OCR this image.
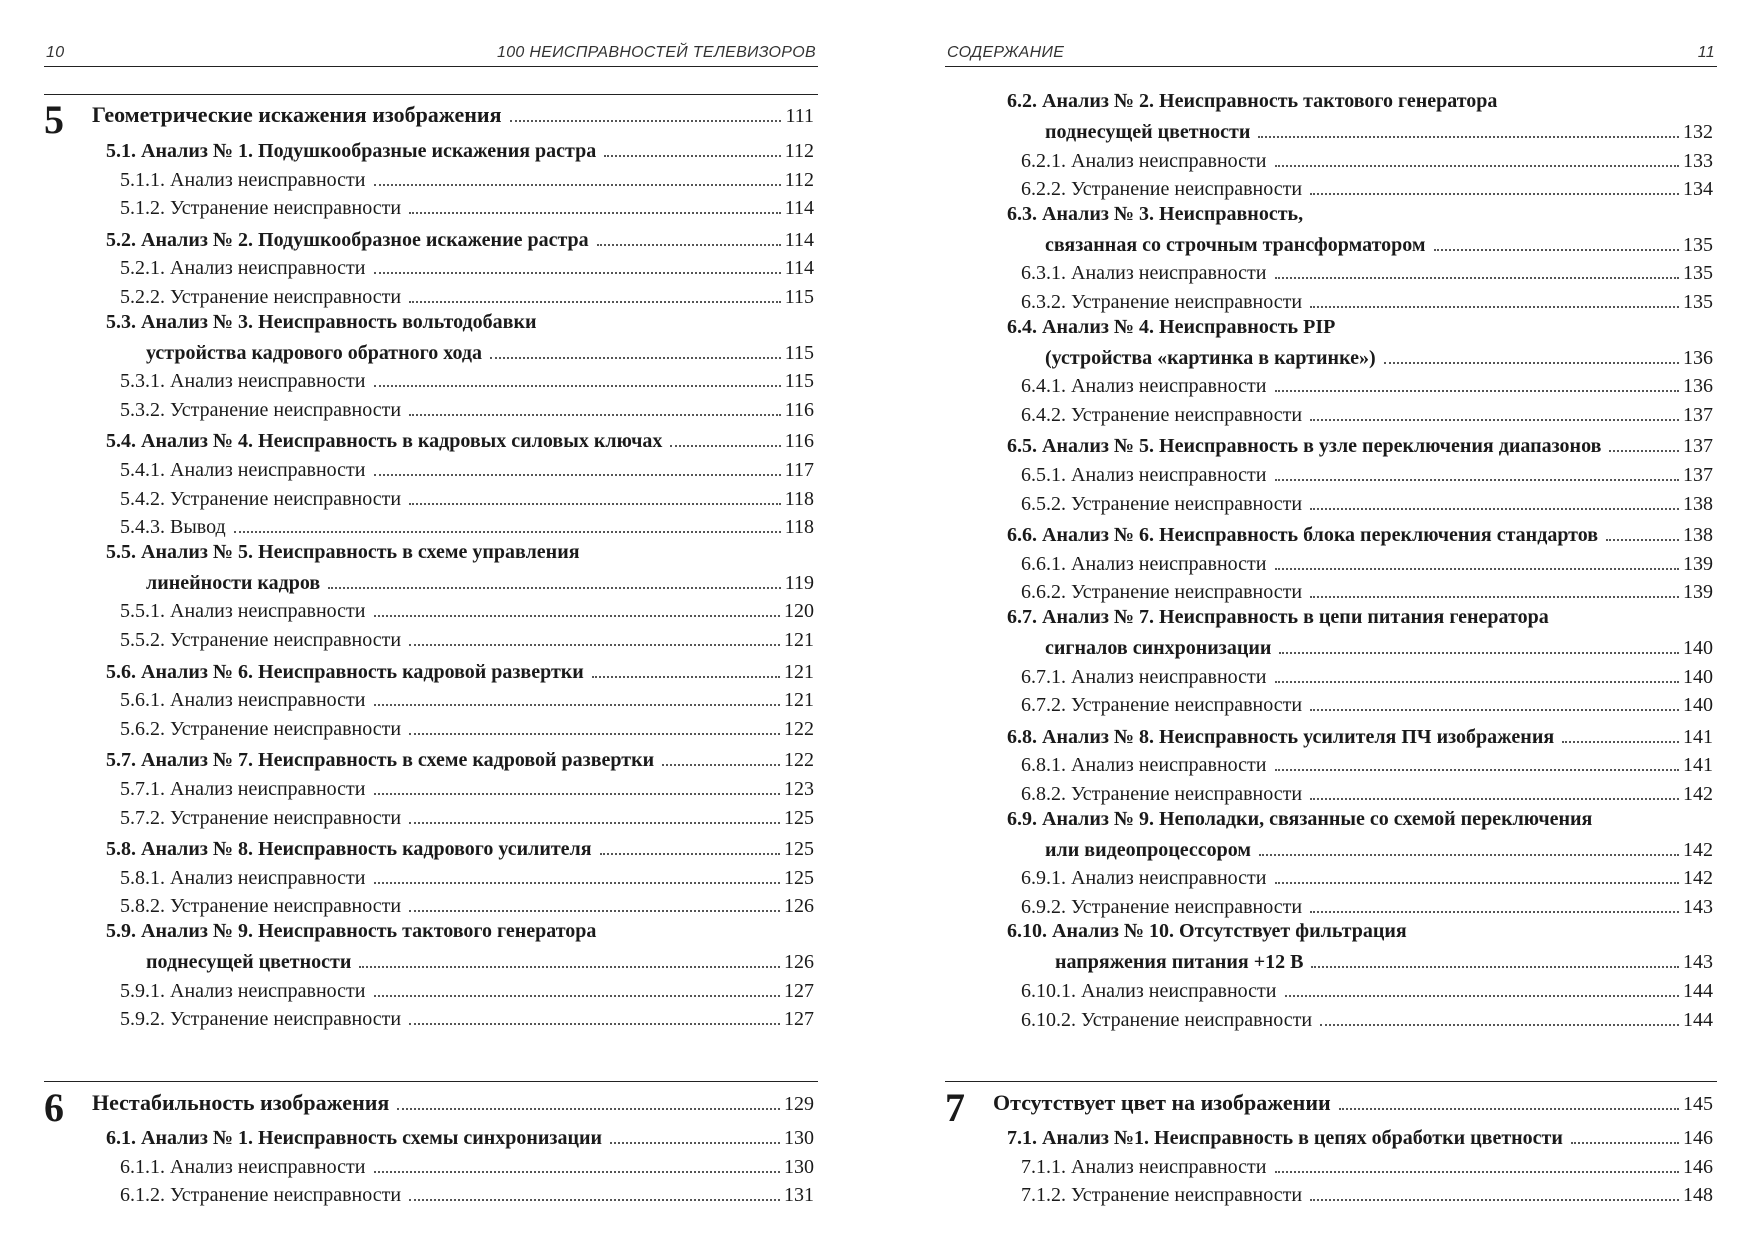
10	100 НЕИСПРАВНОСТЕЙ ТЕЛЕВИЗОРОВ
5 Геометрические искажения изображения	111
5.1. Анализ № 1. Подушкообразные искажения растра	112
5.1.1. Анализ неисправности	112
5.1.2. Устранение неисправности	114
5.2. Анализ № 2. Подушкообразное искажение растра	114
5.2.1. Анализ неисправности	114
5.2.2. Устранение неисправности	115
5.3. Анализ № 3. Неисправность вольтодобавки
устройства кадрового обратного хода	115
5.3.1. Анализ неисправности	115
5.3.2. Устранение неисправности	116
5.4. Анализ № 4. Неисправность в кадровых силовых ключах	116
5.4.1. Анализ неисправности	117
5.4.2. Устранение неисправности	118
5.4.3. Вывод	118
5.5. Анализ № 5. Неисправность в схеме управления
линейности кадров	119
5.5.1. Анализ неисправности	120
5.5.2. Устранение неисправности	121
5.6. Анализ № 6. Неисправность кадровой развертки	121
5.6.1. Анализ неисправности	121
5.6.2. Устранение неисправности	122
5.7. Анализ № 7. Неисправность в схеме кадровой развертки	122
5.7.1. Анализ неисправности	123
5.7.2. Устранение неисправности	125
5.8. Анализ № 8. Неисправность кадрового усилителя	125
5.8.1. Анализ неисправности	125
5.8.2. Устранение неисправности	126
5.9. Анализ № 9. Неисправность тактового генератора
поднесущей цветности	126
5.9.1. Анализ неисправности	127
5.9.2. Устранение неисправности	127
6 Нестабильность изображения	129
6.1. Анализ № 1. Неисправность схемы синхронизации	130
6.1.1. Анализ неисправности	130
6.1.2. Устранение неисправности	131
СОДЕРЖАНИЕ	11
6.2. Анализ № 2. Неисправность тактового генератора
поднесущей цветности	132
6.2.1. Анализ неисправности	133
6.2.2. Устранение неисправности	134
6.3. Анализ № 3. Неисправность,
связанная со строчным трансформатором	135
6.3.1. Анализ неисправности	135
6.3.2. Устранение неисправности	135
6.4. Анализ № 4. Неисправность PIP
(устройства «картинка в картинке»)	136
6.4.1. Анализ неисправности	136
6.4.2. Устранение неисправности	137
6.5. Анализ № 5. Неисправность в узле переключения диапазонов	137
6.5.1. Анализ неисправности	137
6.5.2. Устранение неисправности	138
6.6. Анализ № 6. Неисправность блока переключения стандартов	138
6.6.1. Анализ неисправности	139
6.6.2. Устранение неисправности	139
6.7. Анализ № 7. Неисправность в цепи питания генератора
сигналов синхронизации	140
6.7.1. Анализ неисправности	140
6.7.2. Устранение неисправности	140
6.8. Анализ № 8. Неисправность усилителя ПЧ изображения	141
6.8.1. Анализ неисправности	141
6.8.2. Устранение неисправности	142
6.9. Анализ № 9. Неполадки, связанные со схемой переключения
или видеопроцессором	142
6.9.1. Анализ неисправности	142
6.9.2. Устранение неисправности	143
6.10. Анализ № 10. Отсутствует фильтрация
напряжения питания +12 В	143
6.10.1. Анализ неисправности	144
6.10.2. Устранение неисправности	144
7 Отсутствует цвет на изображении	145
7.1. Анализ №1. Неисправность в цепях обработки цветности	146
7.1.1. Анализ неисправности	146
7.1.2. Устранение неисправности	148
